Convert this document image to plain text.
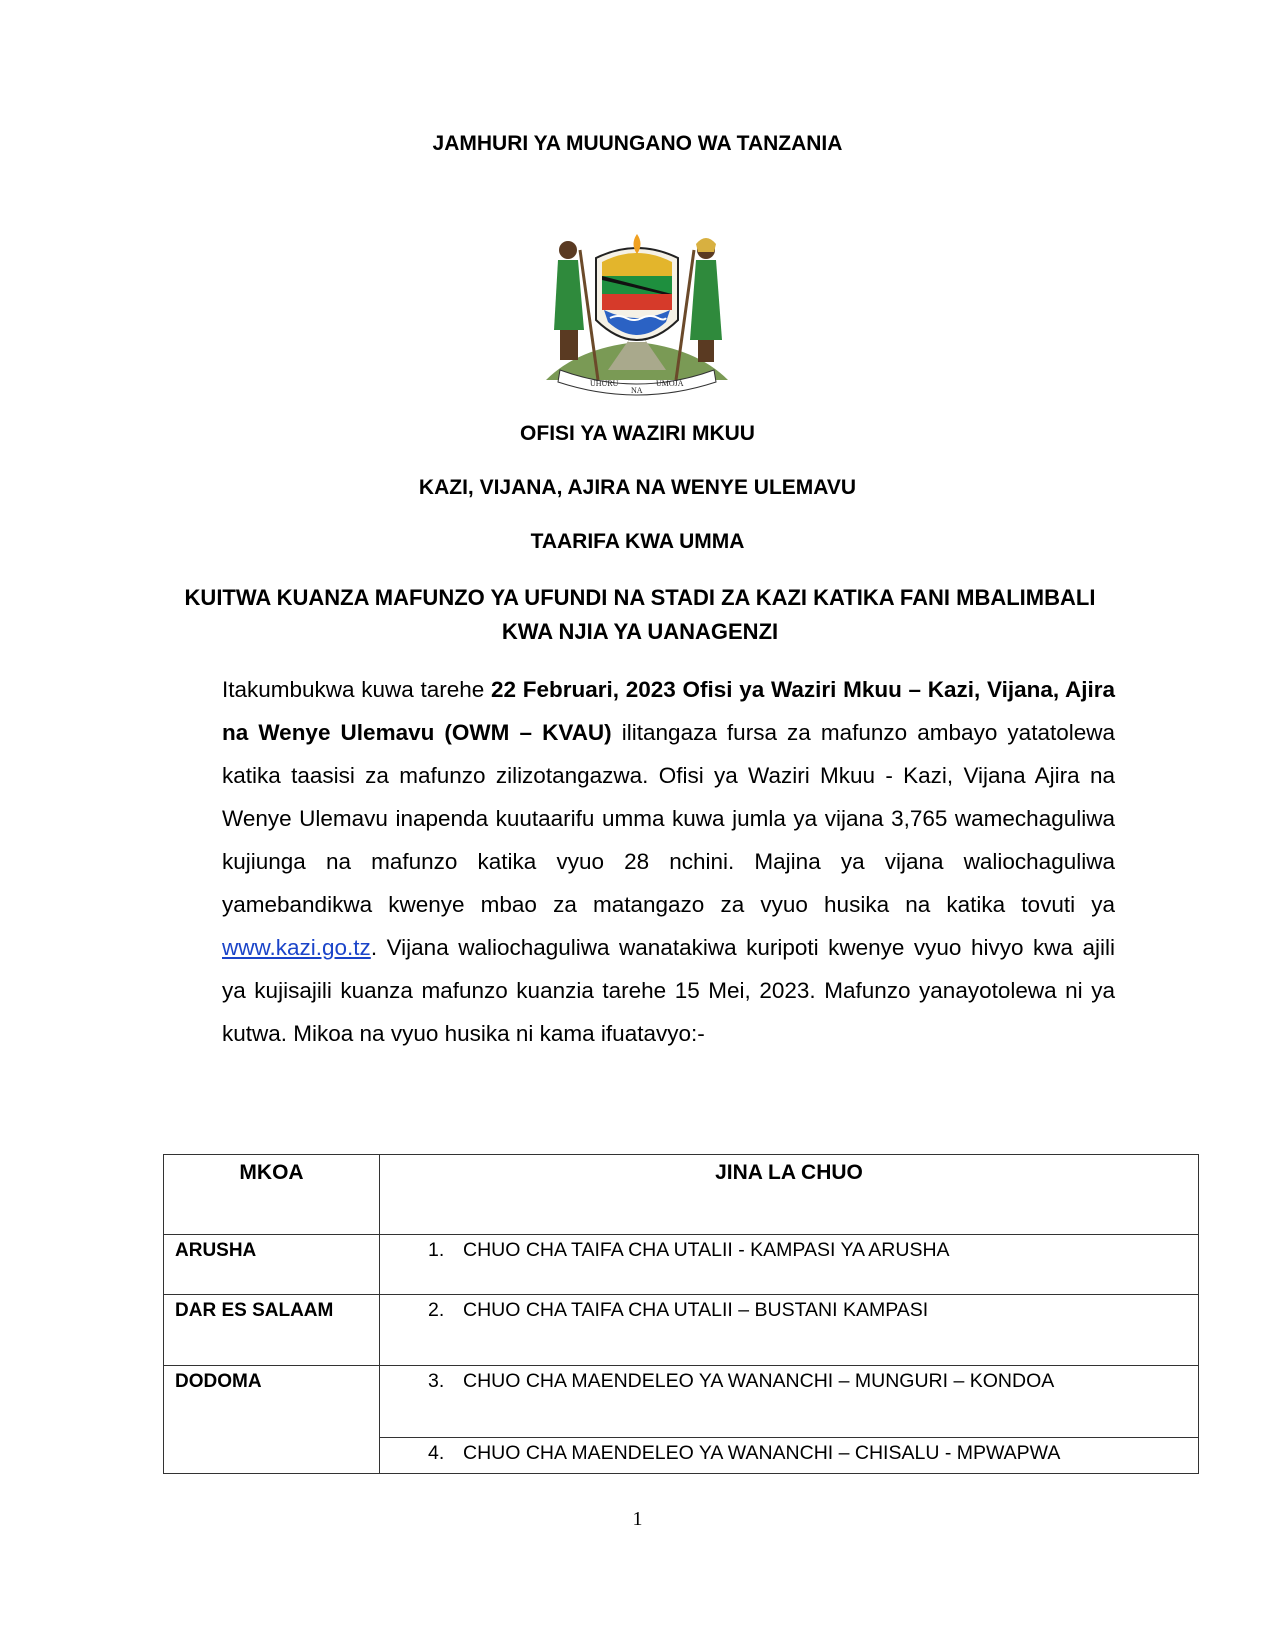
JAMHURI YA MUUNGANO WA TANZANIA
UHURU
NA
UMOJA
OFISI YA WAZIRI MKUU
KAZI, VIJANA, AJIRA NA WENYE ULEMAVU
TAARIFA KWA UMMA
KUITWA KUANZA MAFUNZO YA UFUNDI NA STADI ZA KAZI KATIKA FANI MBALIMBALI KWA NJIA YA UANAGENZI
Itakumbukwa kuwa tarehe 22 Februari, 2023 Ofisi ya Waziri Mkuu – Kazi, Vijana, Ajira na Wenye Ulemavu (OWM – KVAU) ilitangaza fursa za mafunzo ambayo yatatolewa katika taasisi za mafunzo zilizotangazwa. Ofisi ya Waziri Mkuu - Kazi, Vijana Ajira na Wenye Ulemavu inapenda kuutaarifu umma kuwa jumla ya vijana 3,765 wamechaguliwa kujiunga na mafunzo katika vyuo 28 nchini. Majina ya vijana waliochaguliwa yamebandikwa kwenye mbao za matangazo za vyuo husika na katika tovuti ya www.kazi.go.tz. Vijana waliochaguliwa wanatakiwa kuripoti kwenye vyuo hivyo kwa ajili ya kujisajili kuanza mafunzo kuanzia tarehe 15 Mei, 2023. Mafunzo yanayotolewa ni ya kutwa. Mikoa na vyuo husika ni kama ifuatavyo:-
MKOA	JINA LA CHUO
ARUSHA	1. CHUO CHA TAIFA CHA UTALII - KAMPASI YA ARUSHA
DAR ES SALAAM	2. CHUO CHA TAIFA CHA UTALII – BUSTANI KAMPASI
DODOMA	3. CHUO CHA MAENDELEO YA WANANCHI – MUNGURI – KONDOA
	4. CHUO CHA MAENDELEO YA WANANCHI – CHISALU - MPWAPWA
1
